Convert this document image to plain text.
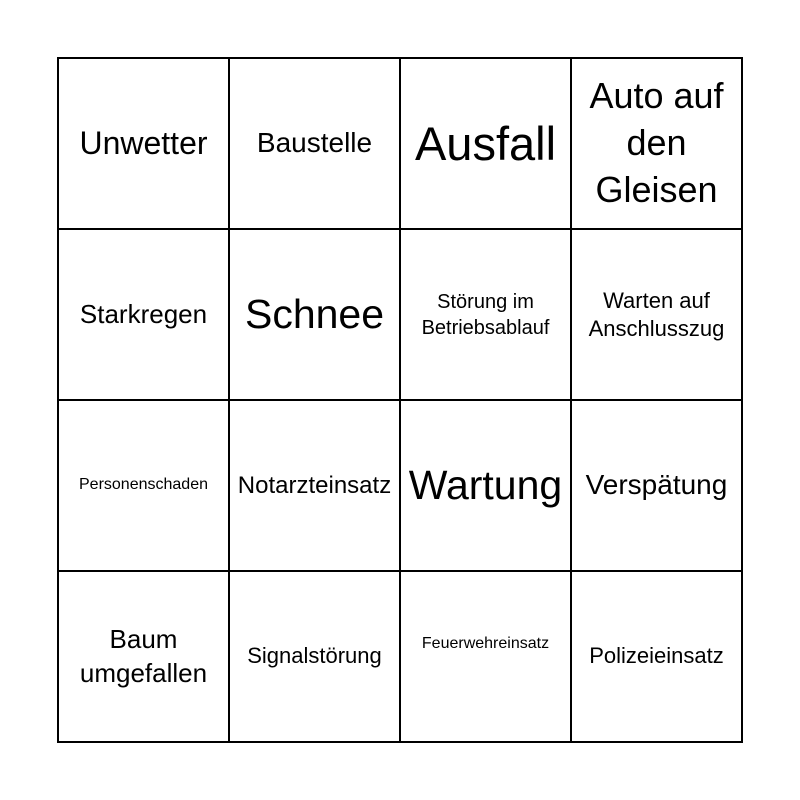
Unwetter Baustelle Ausfall
Auto auf den Gleisen
Starkregen Schnee	Störung im Betriebsablauf
Warten auf Anschlusszug
Personenschaden Notarzteinsatz Wartung Verspätung
Baum umgefallen
Signalstörung	Feuerwehreinsatz Polizeieinsatz
